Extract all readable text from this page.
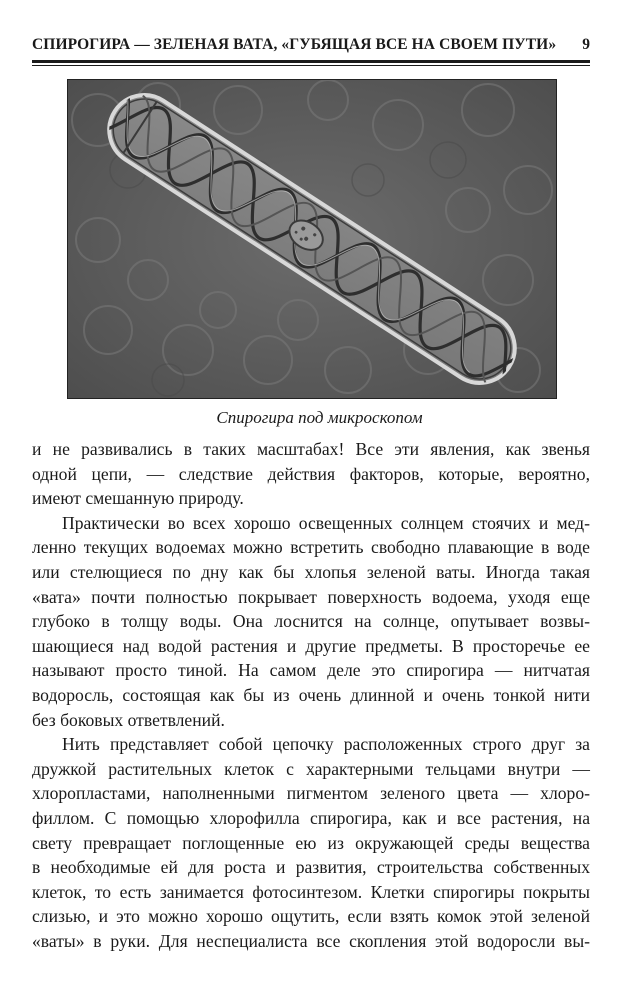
СПИРОГИРА — ЗЕЛЕНАЯ ВАТА, «ГУБЯЩАЯ ВСЕ НА СВОЕМ ПУТИ» 9
Спирогира под микроскопом

и не развивались в таких масштабах! Все эти явления, как звенья
одной цепи, — следствие действия факторов, которые, вероятно,
имеют смешанную природу.

Практически во всех хорошо освещенных солнцем стоячих и мед-
ленно текущих водоемах можно встретить свободно плавающие в воде
или стелющиеся по дну как бы хлопья зеленой ваты. Иногда такая
«вата» почти полностью покрывает поверхность водоема, уходя еще
глубоко в толщу воды. Она лоснится на солнце, опутывает возвы-
шающиеся над водой растения и другие предметы. В просторечье ее
называют просто тиной. На самом деле это спирогира — нитчатая
водоросль, состоящая как бы из очень длинной и очень тонкой нити
без боковых ответвлений.

Нить представляет собой цепочку расположенных строго друг за
дружкой растительных клеток с характерными тельцами внутри —
хлоропластами, наполненными пигментом зеленого цвета — хлоро-
филлом. С помощью хлорофилла спирогира, как и все растения, на
свету превращает поглощенные ею из окружающей среды вещества
в необходимые ей для роста и развития, строительства собственных
клеток, то есть занимается фотосинтезом. Клетки спирогиры покрыты
слизью, и это можно хорошо ощутить, если взять комок этой зеленой
«ваты» в руки. Для неспециалиста все скопления этой водоросли вы-
